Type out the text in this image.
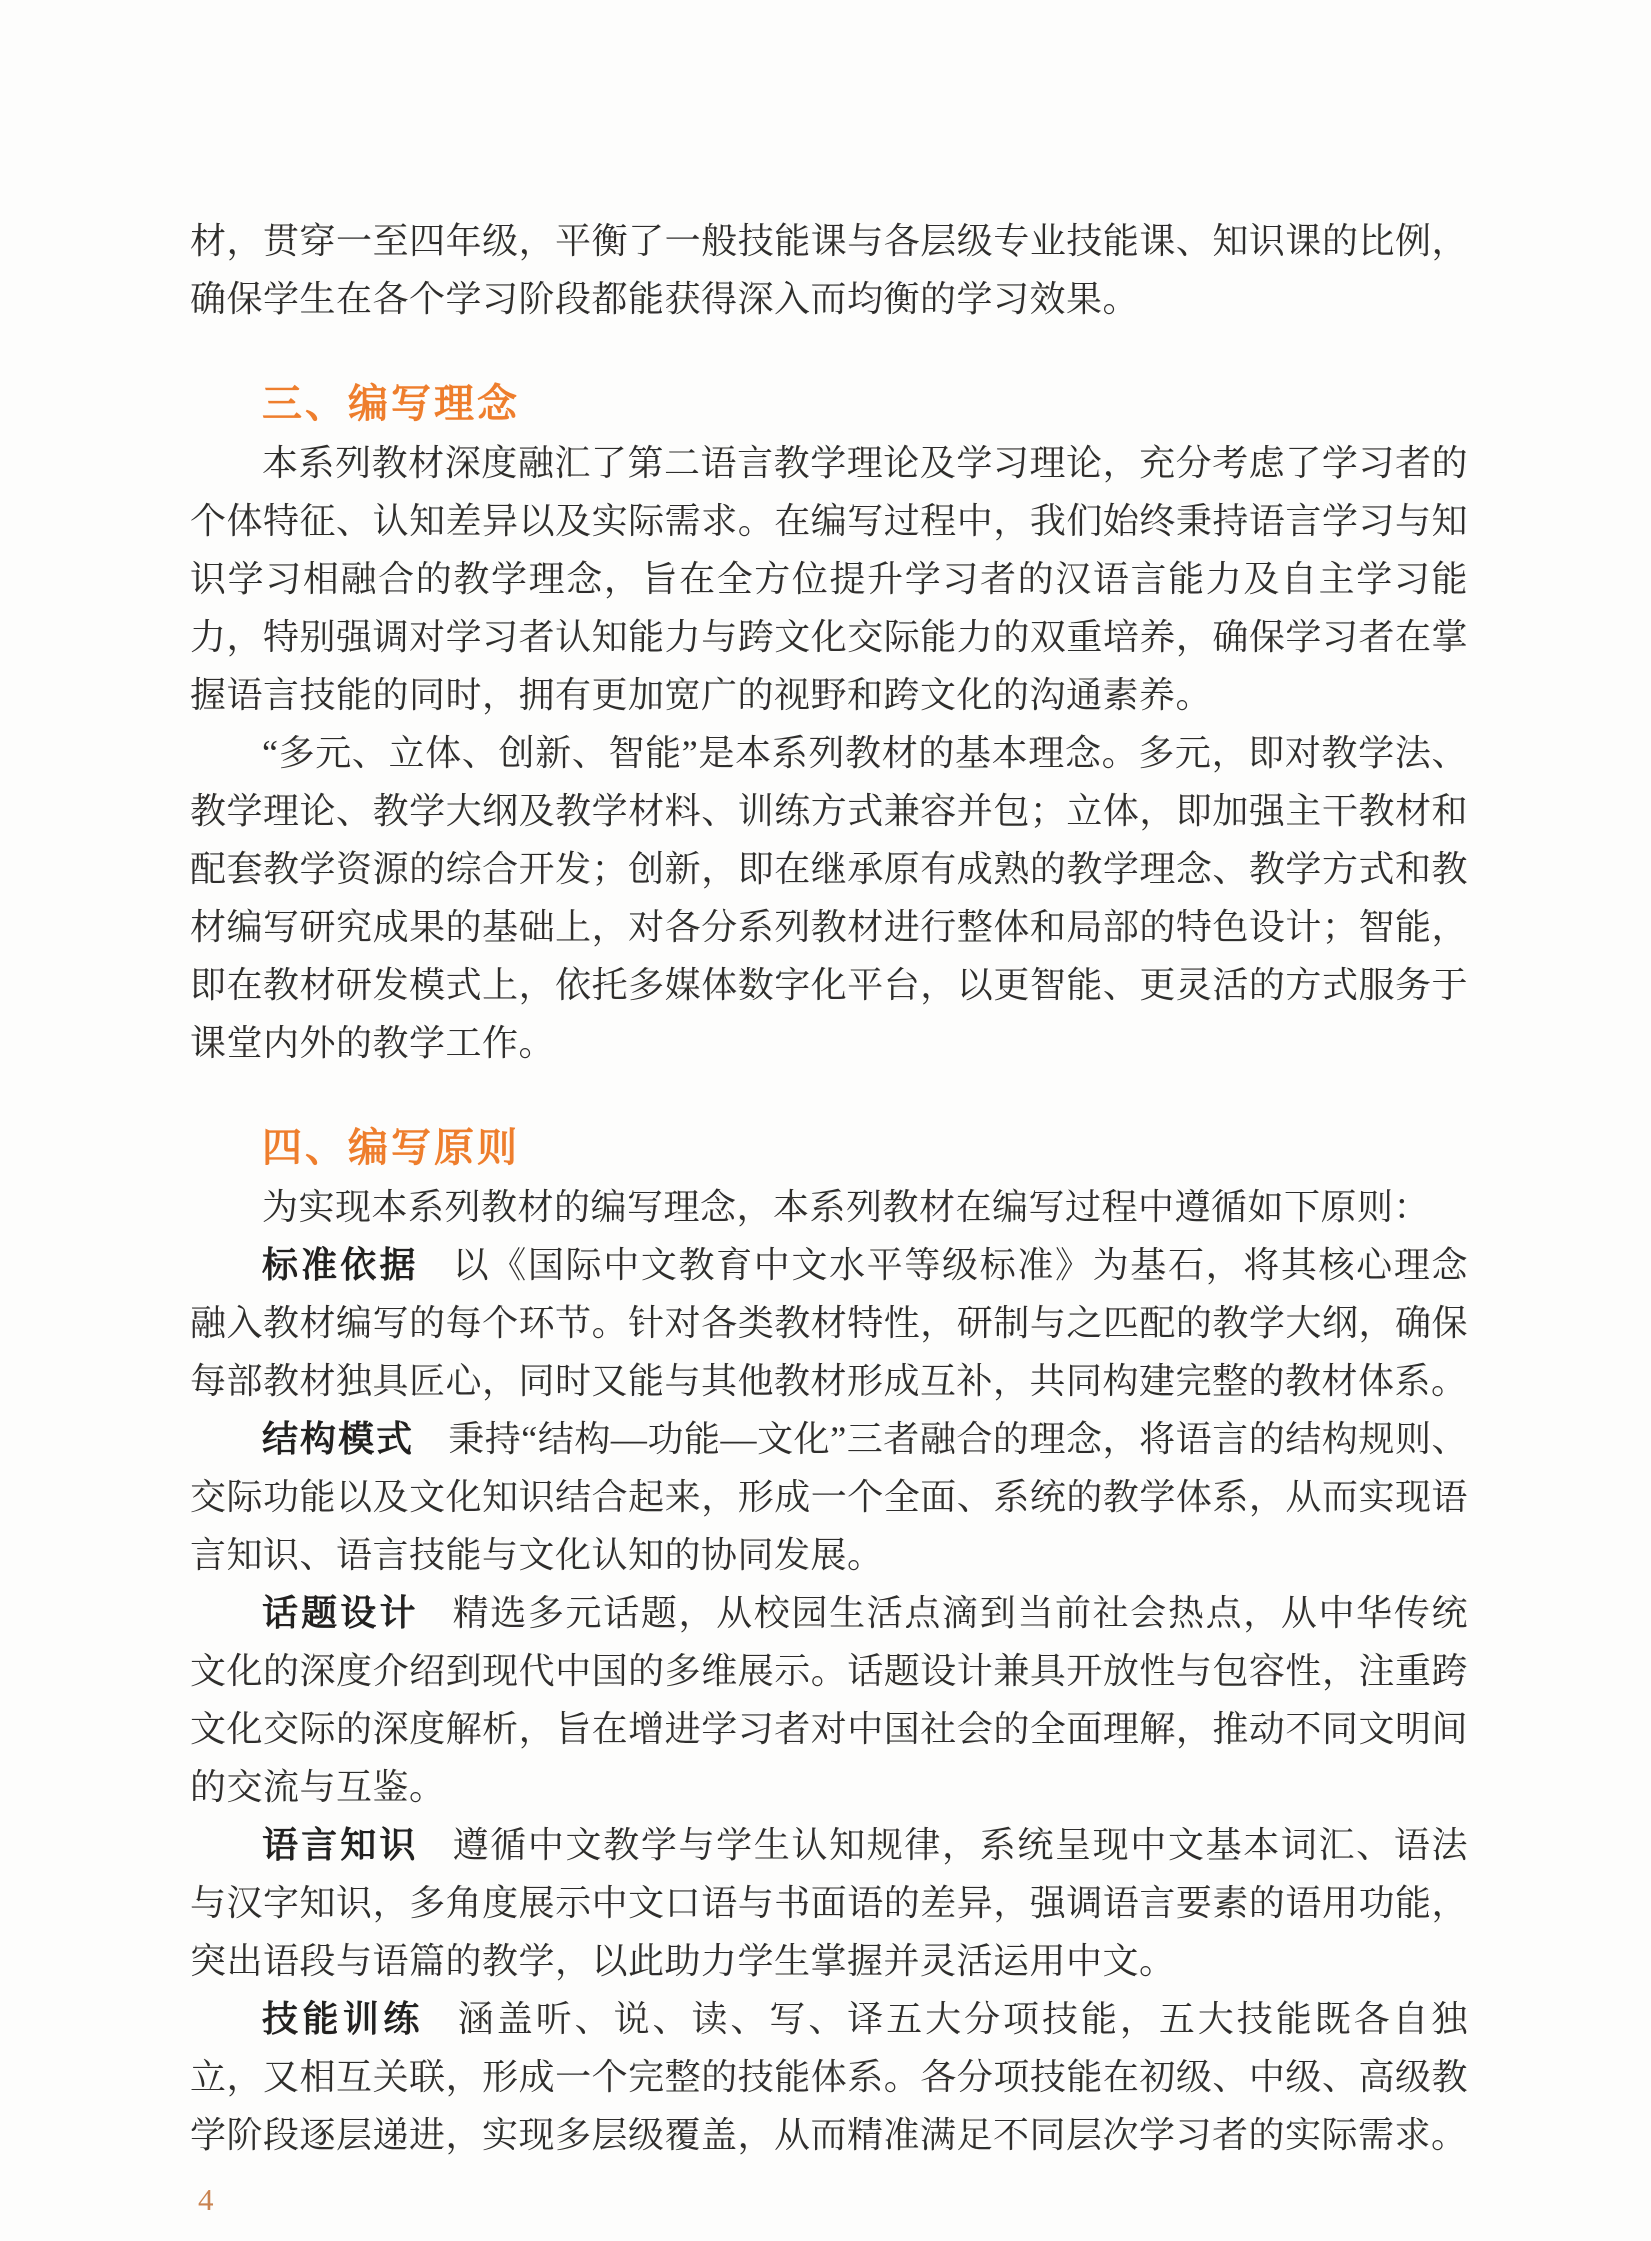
材，贯穿一至四年级，平衡了一般技能课与各层级专业技能课、知识课的比例，确保学生在各个学习阶段都能获得深入而均衡的学习效果。

三、编写理念

本系列教材深度融汇了第二语言教学理论及学习理论，充分考虑了学习者的个体特征、认知差异以及实际需求。在编写过程中，我们始终秉持语言学习与知识学习相融合的教学理念，旨在全方位提升学习者的汉语言能力及自主学习能力，特别强调对学习者认知能力与跨文化交际能力的双重培养，确保学习者在掌握语言技能的同时，拥有更加宽广的视野和跨文化的沟通素养。

“多元、立体、创新、智能”是本系列教材的基本理念。多元，即对教学法、教学理论、教学大纲及教学材料、训练方式兼容并包；立体，即加强主干教材和配套教学资源的综合开发；创新，即在继承原有成熟的教学理念、教学方式和教材编写研究成果的基础上，对各分系列教材进行整体和局部的特色设计；智能，即在教材研发模式上，依托多媒体数字化平台，以更智能、更灵活的方式服务于课堂内外的教学工作。

四、编写原则

为实现本系列教材的编写理念，本系列教材在编写过程中遵循如下原则：

标准依据 以《国际中文教育中文水平等级标准》为基石，将其核心理念融入教材编写的每个环节。针对各类教材特性，研制与之匹配的教学大纲，确保每部教材独具匠心，同时又能与其他教材形成互补，共同构建完整的教材体系。

结构模式 秉持“结构—功能—文化”三者融合的理念，将语言的结构规则、交际功能以及文化知识结合起来，形成一个全面、系统的教学体系，从而实现语言知识、语言技能与文化认知的协同发展。

话题设计 精选多元话题，从校园生活点滴到当前社会热点，从中华传统文化的深度介绍到现代中国的多维展示。话题设计兼具开放性与包容性，注重跨文化交际的深度解析，旨在增进学习者对中国社会的全面理解，推动不同文明间的交流与互鉴。

语言知识 遵循中文教学与学生认知规律，系统呈现中文基本词汇、语法与汉字知识，多角度展示中文口语与书面语的差异，强调语言要素的语用功能，突出语段与语篇的教学，以此助力学生掌握并灵活运用中文。

技能训练 涵盖听、说、读、写、译五大分项技能，五大技能既各自独立，又相互关联，形成一个完整的技能体系。各分项技能在初级、中级、高级教学阶段逐层递进，实现多层级覆盖，从而精准满足不同层次学习者的实际需求。

4
